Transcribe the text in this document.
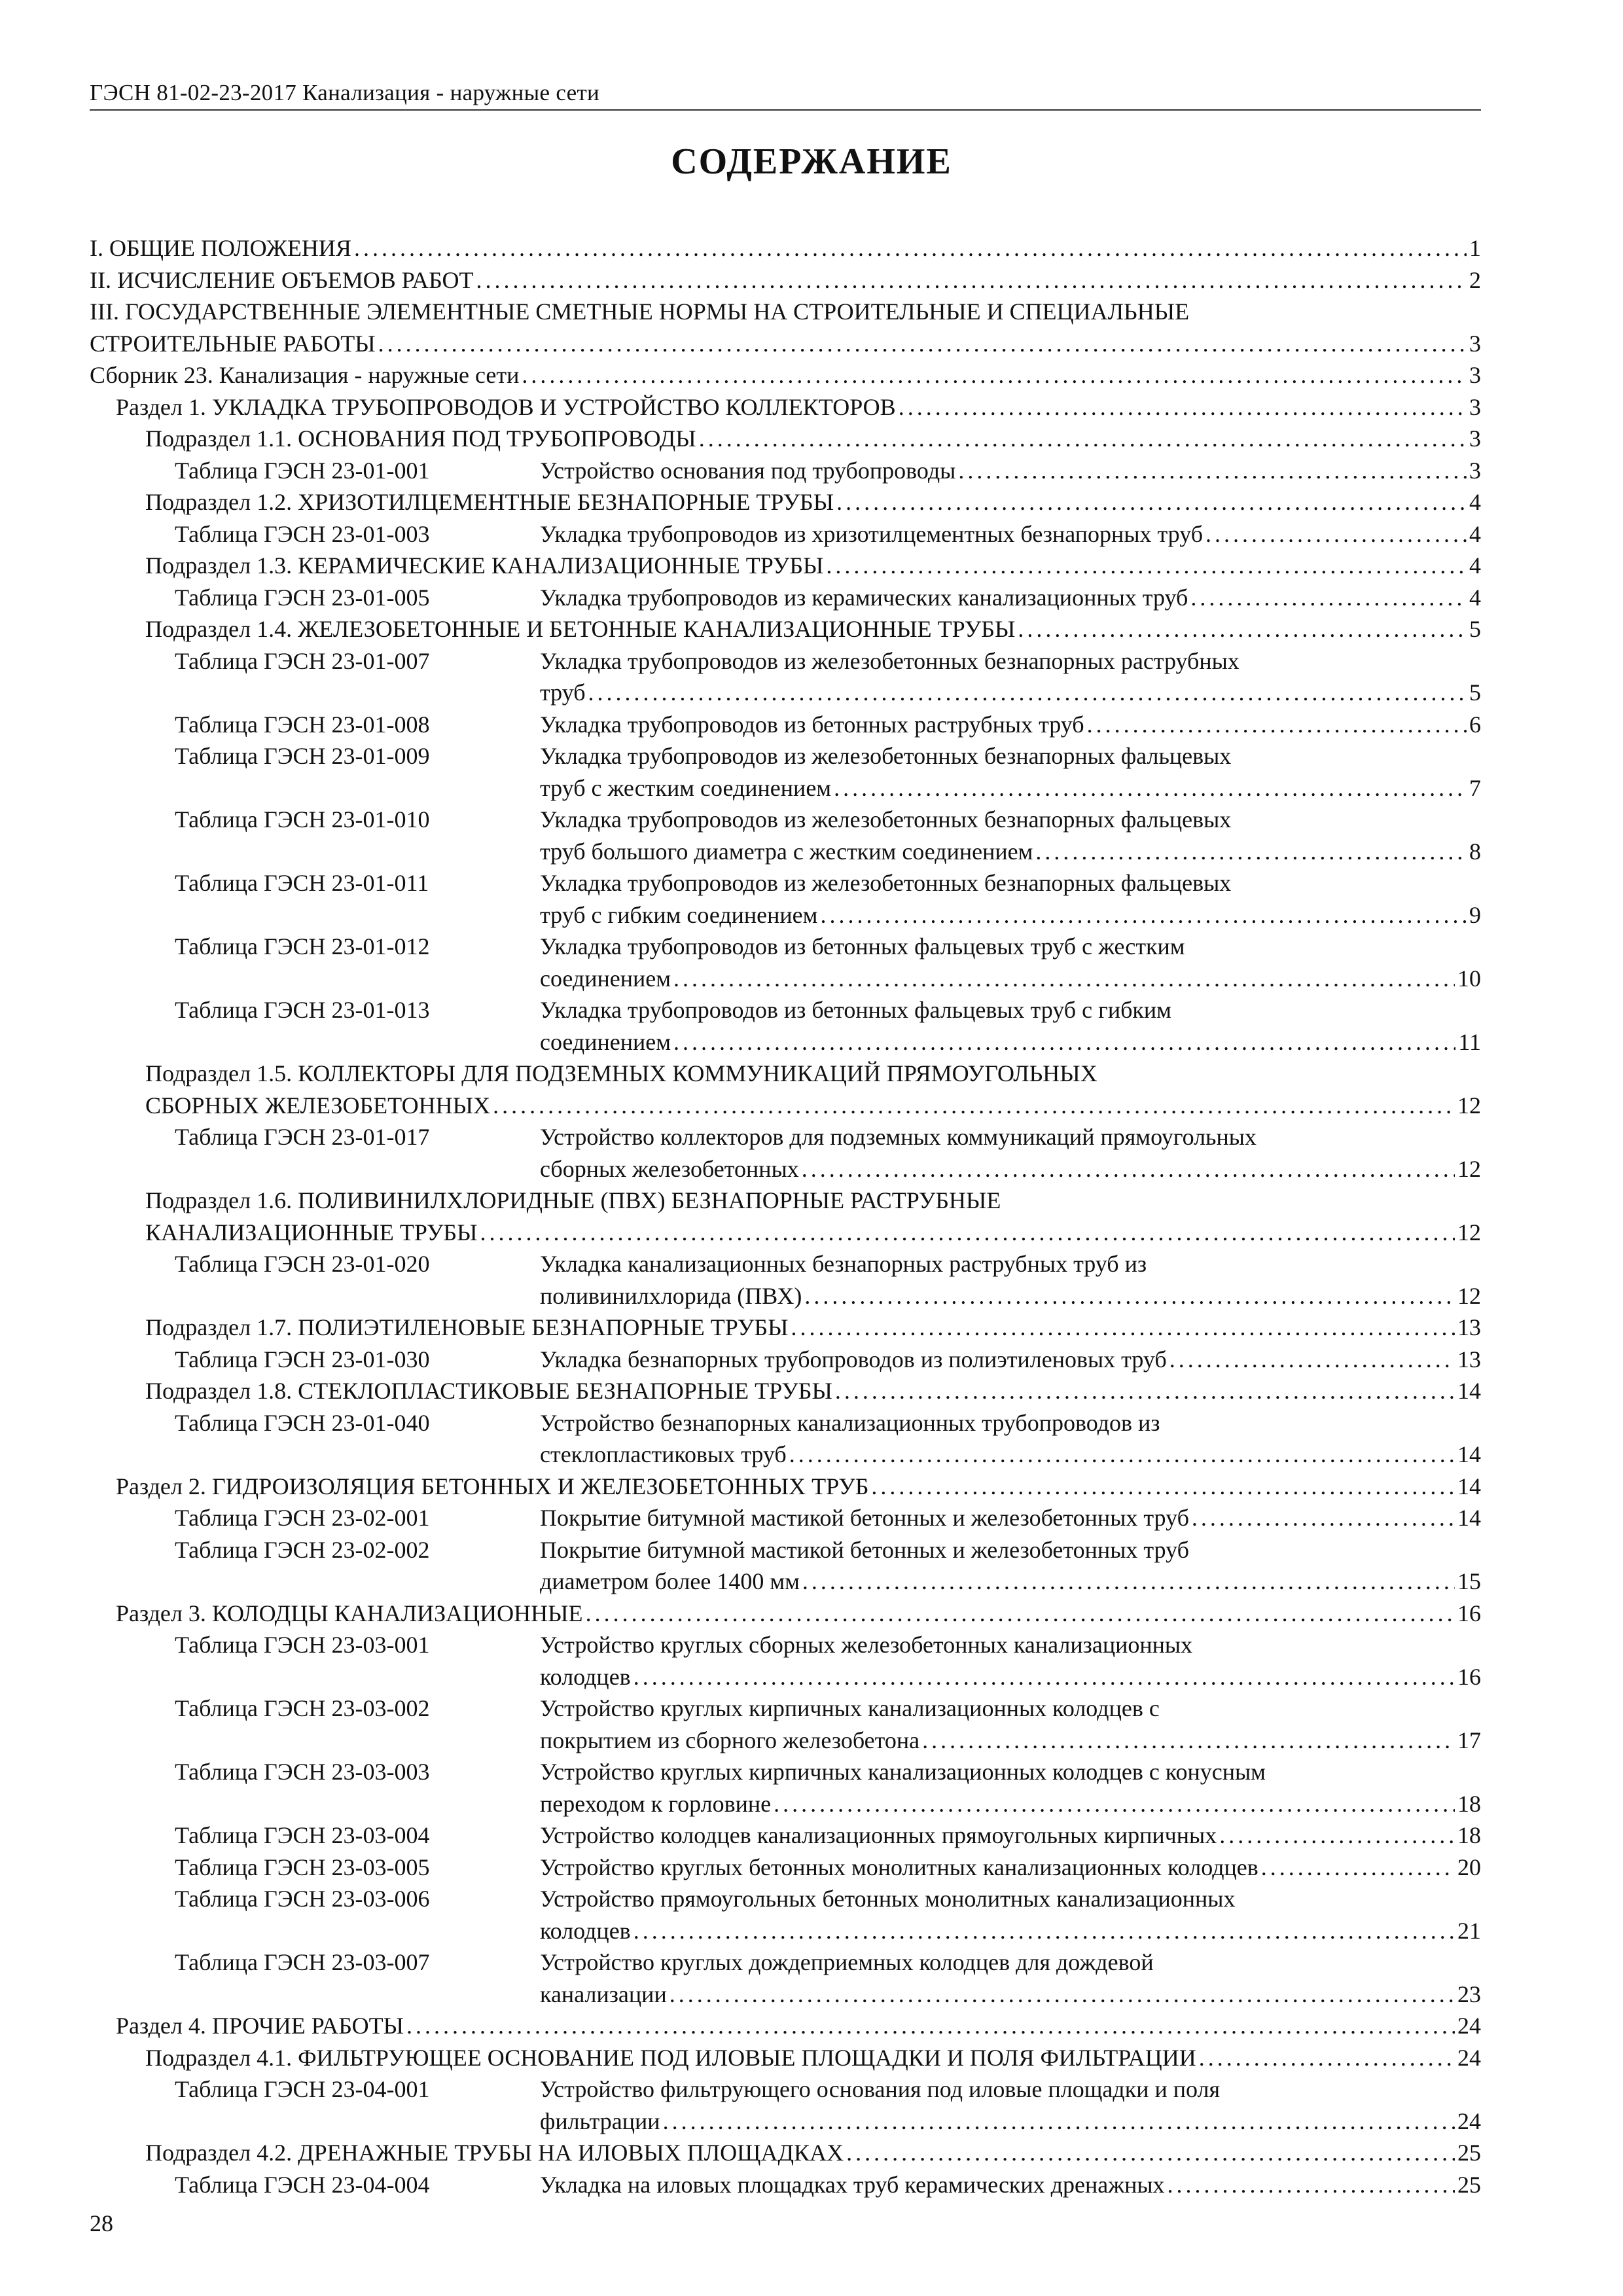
ГЭСН 81-02-23-2017 Канализация - наружные сети
СОДЕРЖАНИЕ
I. ОБЩИЕ ПОЛОЖЕНИЯ . . .	1
II. ИСЧИСЛЕНИЕ ОБЪЕМОВ РАБОТ . . .	2
III. ГОСУДАРСТВЕННЫЕ ЭЛЕМЕНТНЫЕ СМЕТНЫЕ НОРМЫ НА СТРОИТЕЛЬНЫЕ И СПЕЦИАЛЬНЫЕ
СТРОИТЕЛЬНЫЕ РАБОТЫ . . .	3
Сборник 23. Канализация - наружные сети . . .	3
Раздел 1. УКЛАДКА ТРУБОПРОВОДОВ И УСТРОЙСТВО КОЛЛЕКТОРОВ . . .	3
Подраздел 1.1. ОСНОВАНИЯ ПОД ТРУБОПРОВОДЫ . . .	3
Таблица ГЭСН 23-01-001	Устройство основания под трубопроводы . . .	3
Подраздел 1.2. ХРИЗОТИЛЦЕМЕНТНЫЕ БЕЗНАПОРНЫЕ ТРУБЫ . . .	4
Таблица ГЭСН 23-01-003	Укладка трубопроводов из хризотилцементных безнапорных труб . . .	4
Подраздел 1.3. КЕРАМИЧЕСКИЕ КАНАЛИЗАЦИОННЫЕ ТРУБЫ . . .	4
Таблица ГЭСН 23-01-005	Укладка трубопроводов из керамических канализационных труб . . .	4
Подраздел 1.4. ЖЕЛЕЗОБЕТОННЫЕ И БЕТОННЫЕ КАНАЛИЗАЦИОННЫЕ ТРУБЫ . . .	5
Таблица ГЭСН 23-01-007	Укладка трубопроводов из железобетонных безнапорных раструбных
труб . . .	5
Таблица ГЭСН 23-01-008	Укладка трубопроводов из бетонных раструбных труб . . .	6
Таблица ГЭСН 23-01-009	Укладка трубопроводов из железобетонных безнапорных фальцевых
труб с жестким соединением . . .	7
Таблица ГЭСН 23-01-010	Укладка трубопроводов из железобетонных безнапорных фальцевых
труб большого диаметра с жестким соединением . . .	8
Таблица ГЭСН 23-01-011	Укладка трубопроводов из железобетонных безнапорных фальцевых
труб с гибким соединением . . .	9
Таблица ГЭСН 23-01-012	Укладка трубопроводов из бетонных фальцевых труб с жестким
соединением . . .	10
Таблица ГЭСН 23-01-013	Укладка трубопроводов из бетонных фальцевых труб с гибким
соединением . . .	11
Подраздел 1.5. КОЛЛЕКТОРЫ ДЛЯ ПОДЗЕМНЫХ КОММУНИКАЦИЙ ПРЯМОУГОЛЬНЫХ
СБОРНЫХ ЖЕЛЕЗОБЕТОННЫХ . . .	12
Таблица ГЭСН 23-01-017	Устройство коллекторов для подземных коммуникаций прямоугольных
сборных железобетонных . . .	12
Подраздел 1.6. ПОЛИВИНИЛХЛОРИДНЫЕ (ПВХ) БЕЗНАПОРНЫЕ РАСТРУБНЫЕ
КАНАЛИЗАЦИОННЫЕ ТРУБЫ . . .	12
Таблица ГЭСН 23-01-020	Укладка канализационных безнапорных раструбных труб из
поливинилхлорида (ПВХ) . . .	12
Подраздел 1.7. ПОЛИЭТИЛЕНОВЫЕ БЕЗНАПОРНЫЕ ТРУБЫ . . .	13
Таблица ГЭСН 23-01-030	Укладка безнапорных трубопроводов из полиэтиленовых труб . . .	13
Подраздел 1.8. СТЕКЛОПЛАСТИКОВЫЕ БЕЗНАПОРНЫЕ ТРУБЫ . . .	14
Таблица ГЭСН 23-01-040	Устройство безнапорных канализационных трубопроводов из
стеклопластиковых труб . . .	14
Раздел 2. ГИДРОИЗОЛЯЦИЯ БЕТОННЫХ И ЖЕЛЕЗОБЕТОННЫХ ТРУБ . . .	14
Таблица ГЭСН 23-02-001	Покрытие битумной мастикой бетонных и железобетонных труб . . .	14
Таблица ГЭСН 23-02-002	Покрытие битумной мастикой бетонных и железобетонных труб
диаметром более 1400 мм . . .	15
Раздел 3. КОЛОДЦЫ КАНАЛИЗАЦИОННЫЕ . . .	16
Таблица ГЭСН 23-03-001	Устройство круглых сборных железобетонных канализационных
колодцев . . .	16
Таблица ГЭСН 23-03-002	Устройство круглых кирпичных канализационных колодцев с
покрытием из сборного железобетона . . .	17
Таблица ГЭСН 23-03-003	Устройство круглых кирпичных канализационных колодцев с конусным
переходом к горловине . . .	18
Таблица ГЭСН 23-03-004	Устройство колодцев канализационных прямоугольных кирпичных . . .	18
Таблица ГЭСН 23-03-005	Устройство круглых бетонных монолитных канализационных колодцев . . .	20
Таблица ГЭСН 23-03-006	Устройство прямоугольных бетонных монолитных канализационных
колодцев . . .	21
Таблица ГЭСН 23-03-007	Устройство круглых дождеприемных колодцев для дождевой
канализации . . .	23
Раздел 4. ПРОЧИЕ РАБОТЫ . . .	24
Подраздел 4.1. ФИЛЬТРУЮЩЕЕ ОСНОВАНИЕ ПОД ИЛОВЫЕ ПЛОЩАДКИ И ПОЛЯ ФИЛЬТРАЦИИ . . .	24
Таблица ГЭСН 23-04-001	Устройство фильтрующего основания под иловые площадки и поля
фильтрации . . .	24
Подраздел 4.2. ДРЕНАЖНЫЕ ТРУБЫ НА ИЛОВЫХ ПЛОЩАДКАХ . . .	25
Таблица ГЭСН 23-04-004	Укладка на иловых площадках труб керамических дренажных . . .	25
28
